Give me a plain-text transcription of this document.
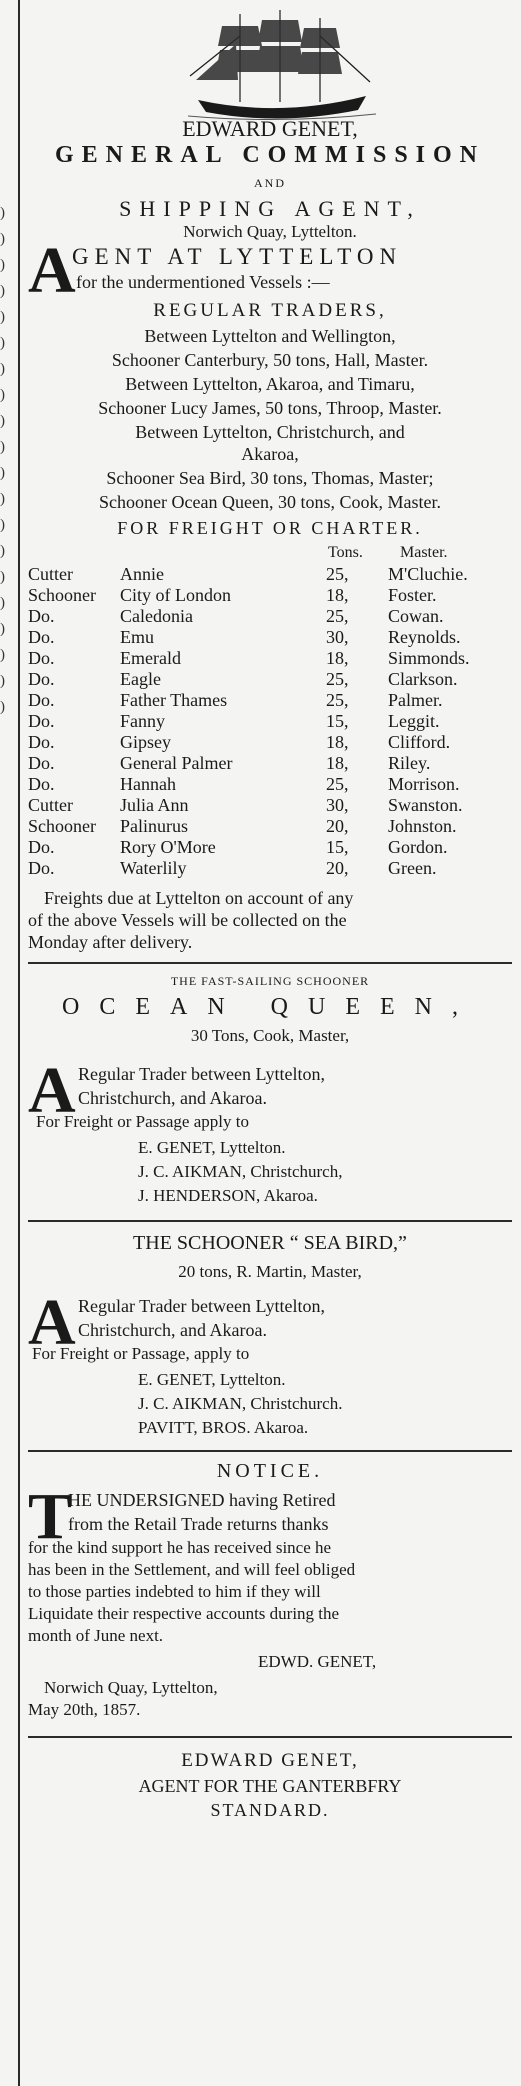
)
)
)
)
)
)
)
)
)
)
)
)
)
)
)
)
)
)
)
)
EDWARD GENET,
GENERAL COMMISSION
AND
SHIPPING AGENT,
Norwich Quay, Lyttelton.
A
GENT AT LYTTELTON
for the undermentioned Vessels :—
REGULAR TRADERS,
Between Lyttelton and Wellington,
Schooner Canterbury, 50 tons, Hall, Master.
Between Lyttelton, Akaroa, and Timaru,
Schooner Lucy James, 50 tons, Throop, Master.
Between Lyttelton, Christchurch, and
Akaroa,
Schooner Sea Bird, 30 tons, Thomas, Master;
Schooner Ocean Queen, 30 tons, Cook, Master.
FOR FREIGHT OR CHARTER.
Tons. Master.
Cutter	Annie	25,	M'Cluchie.
Schooner	City of London	18,	Foster.
Do.	Caledonia	25,	Cowan.
Do.	Emu	30,	Reynolds.
Do.	Emerald	18,	Simmonds.
Do.	Eagle	25,	Clarkson.
Do.	Father Thames	25,	Palmer.
Do.	Fanny	15,	Leggit.
Do.	Gipsey	18,	Clifford.
Do.	General Palmer	18,	Riley.
Do.	Hannah	25,	Morrison.
Cutter	Julia Ann	30,	Swanston.
Schooner	Palinurus	20,	Johnston.
Do.	Rory O'More	15,	Gordon.
Do.	Waterlily	20,	Green.
Freights due at Lyttelton on account of any
of the above Vessels will be collected on the
Monday after delivery.
THE FAST-SAILING SCHOONER
OCEAN QUEEN,
30 Tons, Cook, Master,
A Regular Trader between Lyttelton,
Christchurch, and Akaroa.
For Freight or Passage apply to
E. GENET, Lyttelton.
J. C. AIKMAN, Christchurch,
J. HENDERSON, Akaroa.
THE SCHOONER “ SEA BIRD,”
20 tons, R. Martin, Master,
A Regular Trader between Lyttelton,
Christchurch, and Akaroa.
For Freight or Passage, apply to
E. GENET, Lyttelton.
J. C. AIKMAN, Christchurch.
PAVITT, BROS. Akaroa.
NOTICE.
T
HE UNDERSIGNED having Retired
from the Retail Trade returns thanks
for the kind support he has received since he
has been in the Settlement, and will feel obliged
to those parties indebted to him if they will
Liquidate their respective accounts during the
month of June next.
EDWD. GENET,
Norwich Quay, Lyttelton,
May 20th, 1857.
EDWARD GENET,
AGENT FOR THE GANTERBFRY
STANDARD.
